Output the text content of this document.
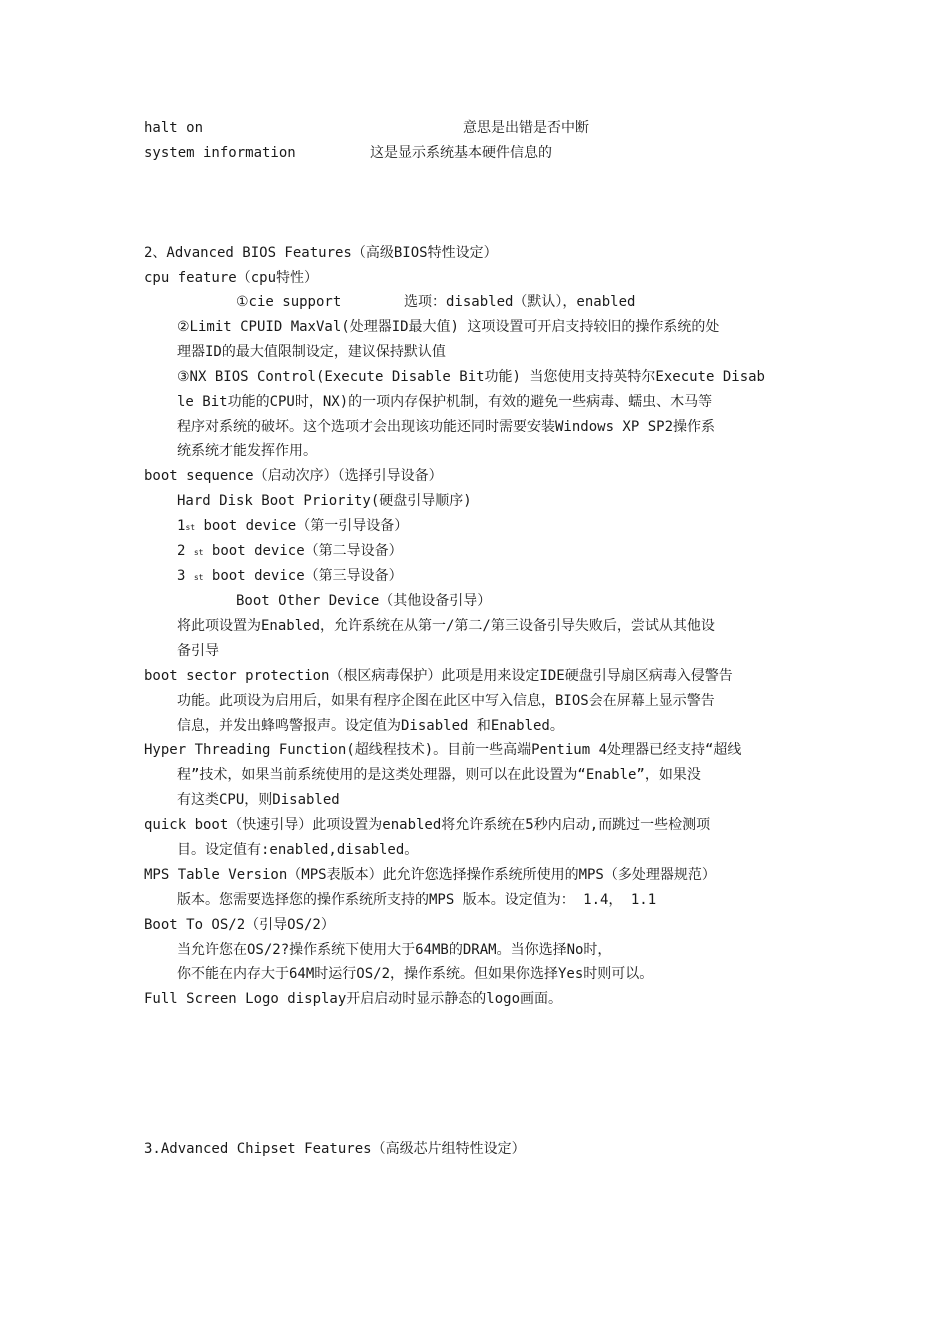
halt on	意思是出错是否中断
system information	这是显示系统基本硬件信息的
2、Advanced BIOS Features（高级BIOS特性设定）
cpu feature（cpu特性）
①cie support	选项：disabled（默认），enabled
②Limit CPUID MaxVal(处理器ID最大值) 这项设置可开启支持较旧的操作系统的处
理器ID的最大值限制设定，建议保持默认值
③NX BIOS Control(Execute Disable Bit功能) 当您使用支持英特尔Execute Disab
le Bit功能的CPU时，NX)的一项内存保护机制，有效的避免一些病毒、蠕虫、木马等
程序对系统的破坏。这个选项才会出现该功能还同时需要安装Windows XP SP2操作系
统系统才能发挥作用。
boot sequence（启动次序）（选择引导设备）
Hard Disk Boot Priority(硬盘引导顺序)
1st boot device（第一引导设备）
2 $^{st}$ boot device（第二导设备）
3 $^{st}$ boot device（第三导设备）
Boot Other Device（其他设备引导）
将此项设置为Enabled，允许系统在从第一/第二/第三设备引导失败后，尝试从其他设
备引导
boot sector protection（根区病毒保护）此项是用来设定IDE硬盘引导扇区病毒入侵警告
功能。此项设为启用后，如果有程序企图在此区中写入信息，BIOS会在屏幕上显示警告
信息，并发出蜂鸣警报声。设定值为Disabled 和Enabled。
Hyper Threading Function(超线程技术)。目前一些高端Pentium 4处理器已经支持“超线
程”技术，如果当前系统使用的是这类处理器，则可以在此设置为“Enable”，如果没
有这类CPU，则Disabled
quick boot（快速引导）此项设置为enabled将允许系统在5秒内启动,而跳过一些检测项
目。设定值有:enabled,disabled。
MPS Table Version（MPS表版本）此允许您选择操作系统所使用的MPS（多处理器规范）
版本。您需要选择您的操作系统所支持的MPS 版本。设定值为： 1.4， 1.1
Boot To OS/2（引导OS/2）
当允许您在OS/2?操作系统下使用大于64MB的DRAM。当你选择No时，
你不能在内存大于64M时运行OS/2，操作系统。但如果你选择Yes时则可以。
Full Screen Logo display开启启动时显示静态的logo画面。
3.Advanced Chipset Features（高级芯片组特性设定）
